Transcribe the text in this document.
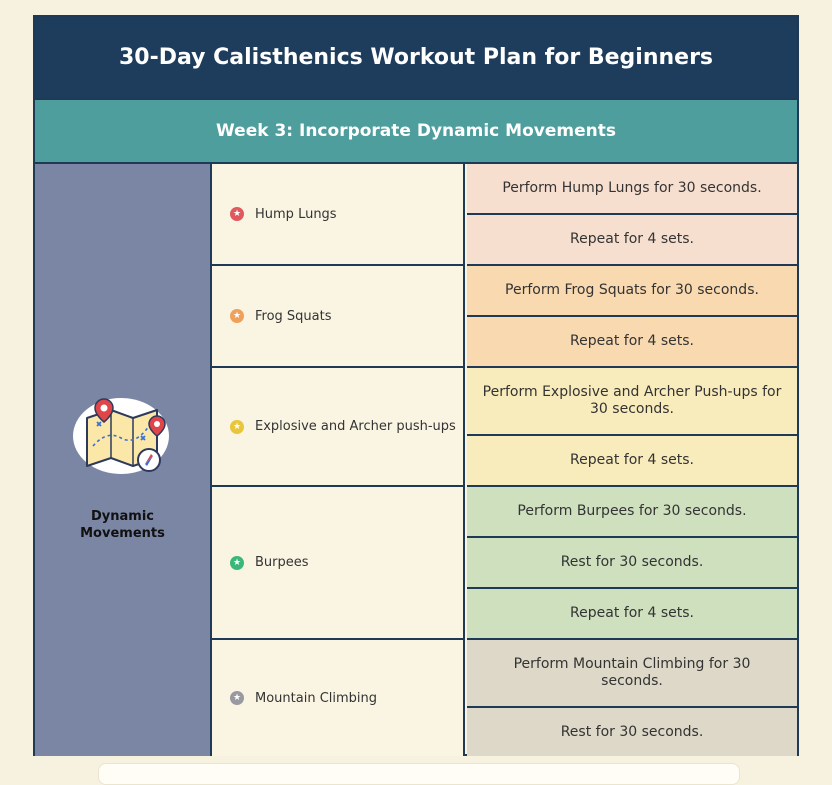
30-Day Calisthenics Workout Plan for Beginners
Week 3: Incorporate Dynamic Movements
Dynamic
Movements
★ Hump Lungs
Perform Hump Lungs for 30 seconds.
Repeat for 4 sets.
★ Frog Squats
Perform Frog Squats for 30 seconds.
Repeat for 4 sets.
★ Explosive and Archer push-ups
Perform Explosive and Archer Push-ups for 30 seconds.
Repeat for 4 sets.
★ Burpees
Perform Burpees for 30 seconds.
Rest for 30 seconds.
Repeat for 4 sets.
★ Mountain Climbing
Perform Mountain Climbing for 30 seconds.
Rest for 30 seconds.
